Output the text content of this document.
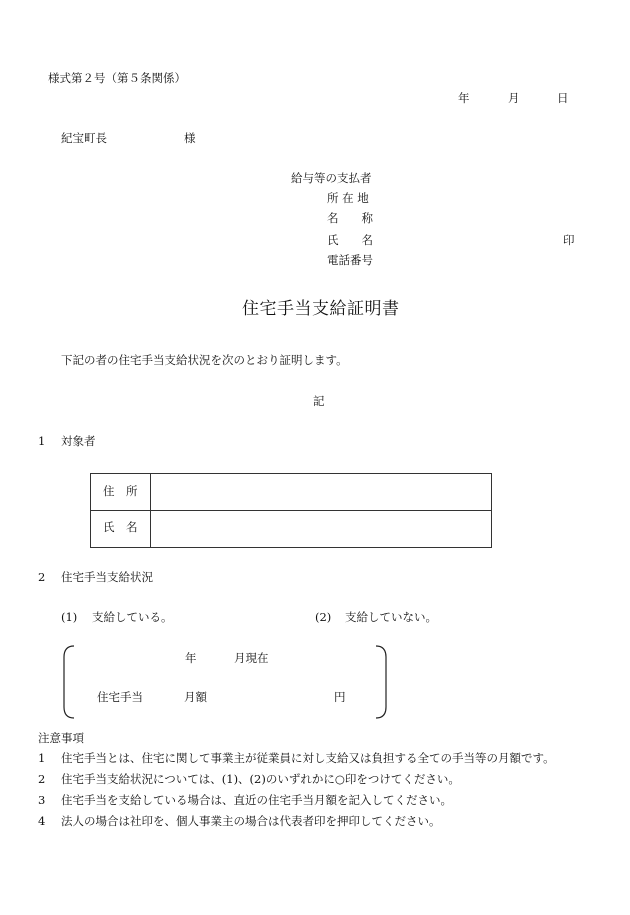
様式第２号（第５条関係）
年	月	日
紀宝町長	様
給与等の支払者
所 在 地
名　　称
氏　　名	印
電話番号
住宅手当支給証明書
下記の者の住宅手当支給状況を次のとおり証明します。
記
1 対象者
住　所
氏　名
2 住宅手当支給状況
(1) 支給している。	(2) 支給していない。
年	月現在
住宅手当	月額	円
注意事項
1 住宅手当とは、住宅に関して事業主が従業員に対し支給又は負担する全ての手当等の月額です。
2 住宅手当支給状況については、(1)、(2)のいずれかに○印をつけてください。
3 住宅手当を支給している場合は、直近の住宅手当月額を記入してください。
4 法人の場合は社印を、個人事業主の場合は代表者印を押印してください。
